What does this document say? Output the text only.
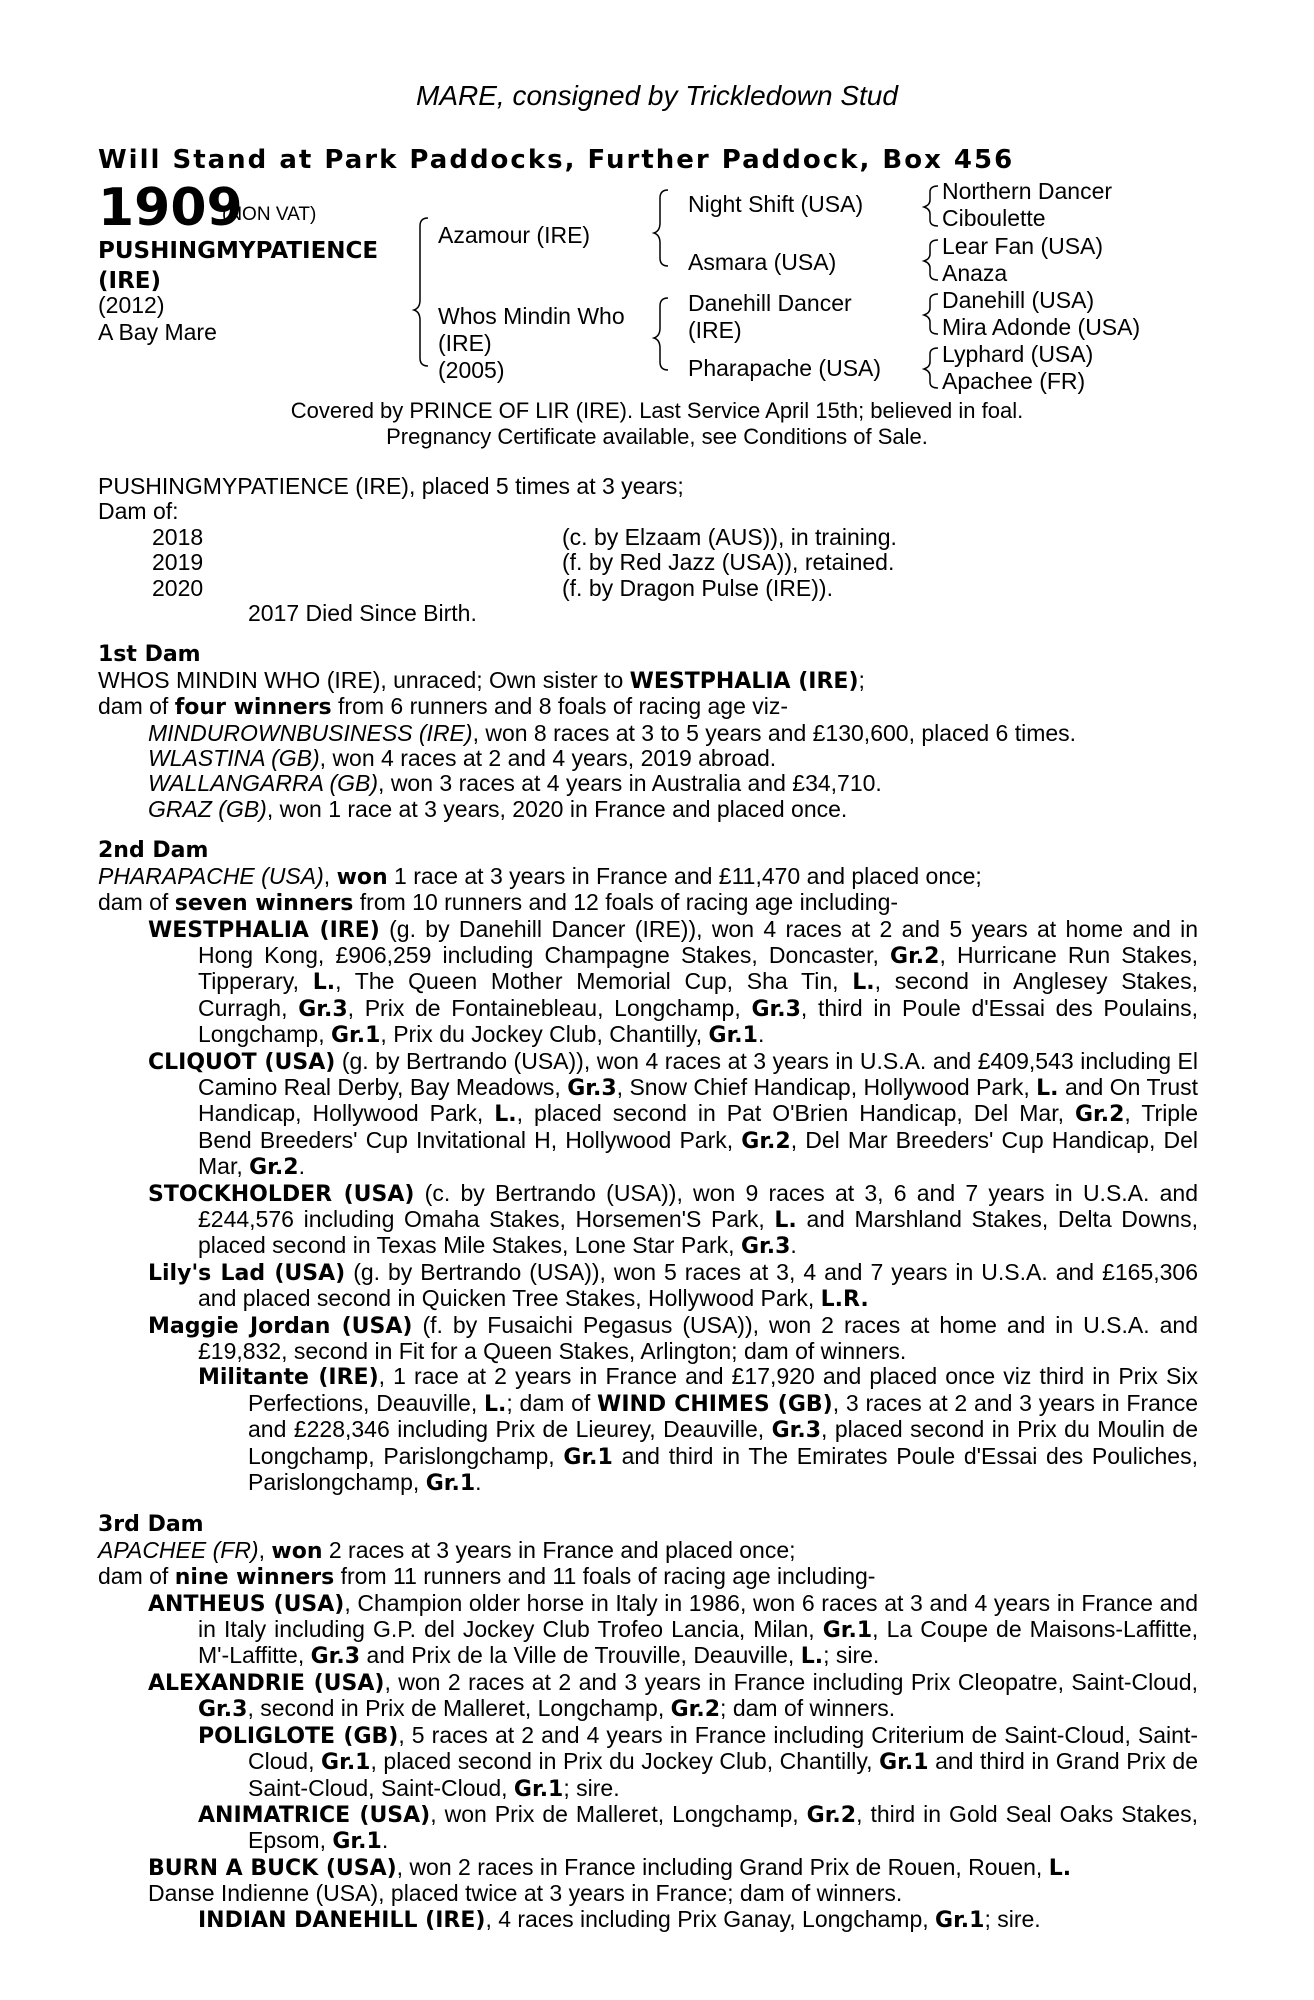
MARE, consigned by Trickledown Stud
Will Stand at Park Paddocks, Further Paddock, Box 456
1909
(NON VAT)
PUSHINGMYPATIENCE
(IRE)
(2012)
A Bay Mare
Azamour (IRE)
Whos Mindin Who
(IRE)
(2005)
Night Shift (USA)
Asmara (USA)
Danehill Dancer
(IRE)
Pharapache (USA)
Northern Dancer
Ciboulette
Lear Fan (USA)
Anaza
Danehill (USA)
Mira Adonde (USA)
Lyphard (USA)
Apachee (FR)
Covered by PRINCE OF LIR (IRE). Last Service April 15th; believed in foal.
Pregnancy Certificate available, see Conditions of Sale.

PUSHINGMYPATIENCE (IRE), placed 5 times at 3 years;

Dam of:

2018	(c. by Elzaam (AUS)), in training.
2019	(f. by Red Jazz (USA)), retained.
2020	(f. by Dragon Pulse (IRE)).

2017 Died Since Birth.

1st Dam

WHOS MINDIN WHO (IRE), unraced; Own sister to WESTPHALIA (IRE);

dam of four winners from 6 runners and 8 foals of racing age viz-

MINDUROWNBUSINESS (IRE), won 8 races at 3 to 5 years and £130,600, placed 6 times.

WLASTINA (GB), won 4 races at 2 and 4 years, 2019 abroad.

WALLANGARRA (GB), won 3 races at 4 years in Australia and £34,710.

GRAZ (GB), won 1 race at 3 years, 2020 in France and placed once.

2nd Dam

PHARAPACHE (USA), won 1 race at 3 years in France and £11,470 and placed once;

dam of seven winners from 10 runners and 12 foals of racing age including-

WESTPHALIA (IRE) (g. by Danehill Dancer (IRE)), won 4 races at 2 and 5 years at home and in Hong Kong, £906,259 including Champagne Stakes, Doncaster, Gr.2, Hurricane Run Stakes, Tipperary, L., The Queen Mother Memorial Cup, Sha Tin, L., second in Anglesey Stakes, Curragh, Gr.3, Prix de Fontainebleau, Longchamp, Gr.3, third in Poule d'Essai des Poulains, Longchamp, Gr.1, Prix du Jockey Club, Chantilly, Gr.1.

CLIQUOT (USA) (g. by Bertrando (USA)), won 4 races at 3 years in U.S.A. and £409,543 including El Camino Real Derby, Bay Meadows, Gr.3, Snow Chief Handicap, Hollywood Park, L. and On Trust Handicap, Hollywood Park, L., placed second in Pat O'Brien Handicap, Del Mar, Gr.2, Triple Bend Breeders' Cup Invitational H, Hollywood Park, Gr.2, Del Mar Breeders' Cup Handicap, Del Mar, Gr.2.

STOCKHOLDER (USA) (c. by Bertrando (USA)), won 9 races at 3, 6 and 7 years in U.S.A. and £244,576 including Omaha Stakes, Horsemen'S Park, L. and Marshland Stakes, Delta Downs, placed second in Texas Mile Stakes, Lone Star Park, Gr.3.

Lily's Lad (USA) (g. by Bertrando (USA)), won 5 races at 3, 4 and 7 years in U.S.A. and £165,306 and placed second in Quicken Tree Stakes, Hollywood Park, L.R.

Maggie Jordan (USA) (f. by Fusaichi Pegasus (USA)), won 2 races at home and in U.S.A. and £19,832, second in Fit for a Queen Stakes, Arlington; dam of winners.

Militante (IRE), 1 race at 2 years in France and £17,920 and placed once viz third in Prix Six Perfections, Deauville, L.; dam of WIND CHIMES (GB), 3 races at 2 and 3 years in France and £228,346 including Prix de Lieurey, Deauville, Gr.3, placed second in Prix du Moulin de Longchamp, Parislongchamp, Gr.1 and third in The Emirates Poule d'Essai des Pouliches, Parislongchamp, Gr.1.

3rd Dam

APACHEE (FR), won 2 races at 3 years in France and placed once;

dam of nine winners from 11 runners and 11 foals of racing age including-

ANTHEUS (USA), Champion older horse in Italy in 1986, won 6 races at 3 and 4 years in France and in Italy including G.P. del Jockey Club Trofeo Lancia, Milan, Gr.1, La Coupe de Maisons-Laffitte, M'-Laffitte, Gr.3 and Prix de la Ville de Trouville, Deauville, L.; sire.

ALEXANDRIE (USA), won 2 races at 2 and 3 years in France including Prix Cleopatre, Saint-Cloud, Gr.3, second in Prix de Malleret, Longchamp, Gr.2; dam of winners.

POLIGLOTE (GB), 5 races at 2 and 4 years in France including Criterium de Saint-Cloud, Saint-Cloud, Gr.1, placed second in Prix du Jockey Club, Chantilly, Gr.1 and third in Grand Prix de Saint-Cloud, Saint-Cloud, Gr.1; sire.

ANIMATRICE (USA), won Prix de Malleret, Longchamp, Gr.2, third in Gold Seal Oaks Stakes, Epsom, Gr.1.

BURN A BUCK (USA), won 2 races in France including Grand Prix de Rouen, Rouen, L.

Danse Indienne (USA), placed twice at 3 years in France; dam of winners.

INDIAN DANEHILL (IRE), 4 races including Prix Ganay, Longchamp, Gr.1; sire.
